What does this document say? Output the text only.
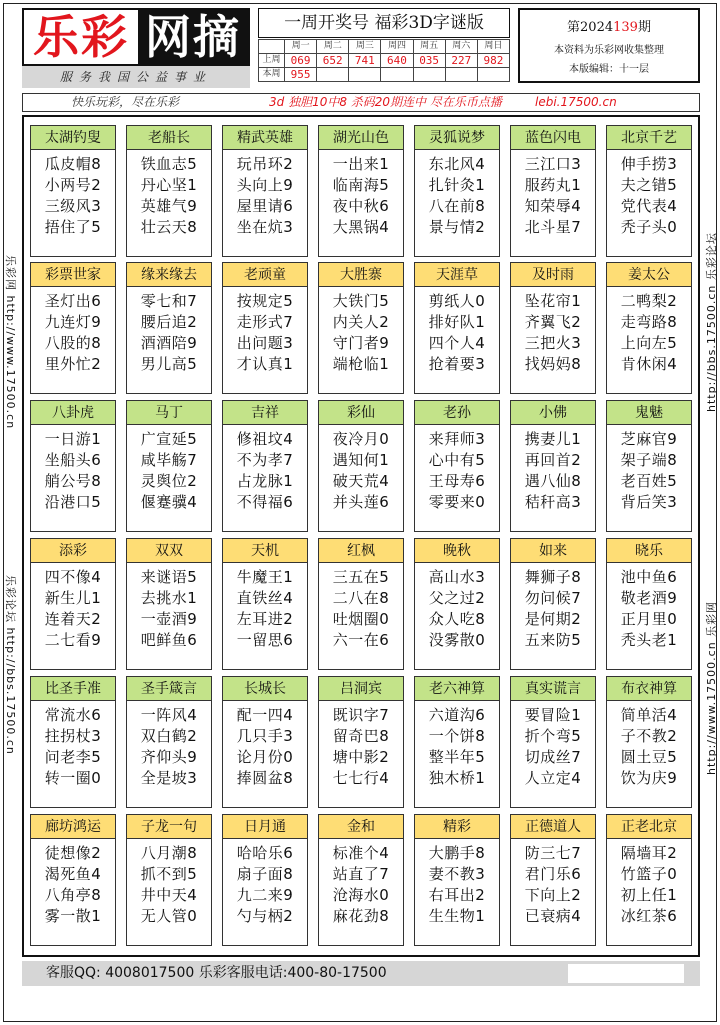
乐彩 网摘
服务我国公益事业
一周开奖号 福彩3D字谜版
	周一	周二	周三	周四	周五	周六	周日
上周	069	652	741	640	035	227	982
本周	955						
第2024139期
本资料为乐彩网收集整理
本版编辑：十一层
快乐玩彩，尽在乐彩	3d 独胆10中8 杀码20期连中 尽在乐币点播	lebi.17500.cn
乐彩网 http://www.17500.cn
乐彩论坛 http://bbs.17500.cn
http://bbs.17500.cn 乐彩论坛
http://www.17500.cn 乐彩网
太湖钓叟
瓜皮帽8
小两号2
三级风3
捂住了5
老船长
铁血志5
丹心坚1
英雄气9
壮云天8
精武英雄
玩吊环2
头向上9
屋里请6
坐在炕3
湖光山色
一出来1
临南海5
夜中秋6
大黑锅4
灵狐说梦
东北风4
扎针灸1
八在前8
景与情2
蓝色闪电
三江口3
服药丸1
知荣辱4
北斗星7
北京千艺
伸手捞3
夫之错5
党代表4
秃子头0
彩票世家
圣灯出6
九连灯9
八股的8
里外忙2
缘来缘去
零七和7
腰后追2
酒酒陪9
男儿高5
老顽童
按规定5
走形式7
出问题3
才认真1
大胜寨
大铁门5
内关人2
守门者9
端枪临1
天涯草
剪纸人0
排好队1
四个人4
抢着要3
及时雨
坠花帘1
齐翼飞2
三把火3
找妈妈8
姜太公
二鸭梨2
走弯路8
上向左5
肯休闲4
八卦虎
一日游1
坐船头6
艄公号8
沿港口5
马丁
广宣延5
咸毕觞7
灵舆位2
偃蹇骥4
吉祥
修祖坟4
不为孝7
占龙脉1
不得福6
彩仙
夜冷月0
遇知何1
破天荒4
并头莲6
老孙
来拜师3
心中有5
王母寿6
零要来0
小佛
携妻儿1
再回首2
遇八仙8
秸秆高3
鬼魅
芝麻官9
架子端8
老百姓5
背后笑3
添彩
四不像4
新生儿1
连着天2
二七看9
双双
来谜语5
去挑水1
一壶酒9
吧鲜鱼6
天机
牛魔王1
直铁丝4
左耳进2
一留思6
红枫
三五在5
二八在8
吐烟圈0
六一在6
晚秋
高山水3
父之过2
众人吃8
没雾散0
如来
舞狮子8
勿问候7
是何期2
五来防5
晓乐
池中鱼6
敬老酒9
正月里0
秃头老1
比圣手准
常流水6
拄拐杖3
问老李5
转一圈0
圣手箴言
一阵风4
双白鹤2
齐仰头9
全是坡3
长城长
配一四4
几只手3
论月份0
捧圆盆8
吕洞宾
既识字7
留奇巴8
塘中影2
七七行4
老六神算
六道沟6
一个饼8
整半年5
独木桥1
真实谎言
要冒险1
折个弯5
切成丝7
人立定4
布衣神算
简单活4
子不教2
圆土豆5
饮为庆9
廊坊鸿运
徒想像2
渴死鱼4
八角亭8
雾一散1
子龙一句
八月潮8
抓不到5
井中天4
无人管0
日月通
哈哈乐6
扇子面8
九二来9
勺与柄2
金和
标准个4
站直了7
沧海水0
麻花劲8
精彩
大鹏手8
妻不教3
右耳出2
生生物1
正德道人
防三七7
君门乐6
下向上2
已衰病4
正老北京
隔墙耳2
竹篮子0
初上任1
冰红茶6
客服QQ: 4008017500 乐彩客服电话:400-80-17500
